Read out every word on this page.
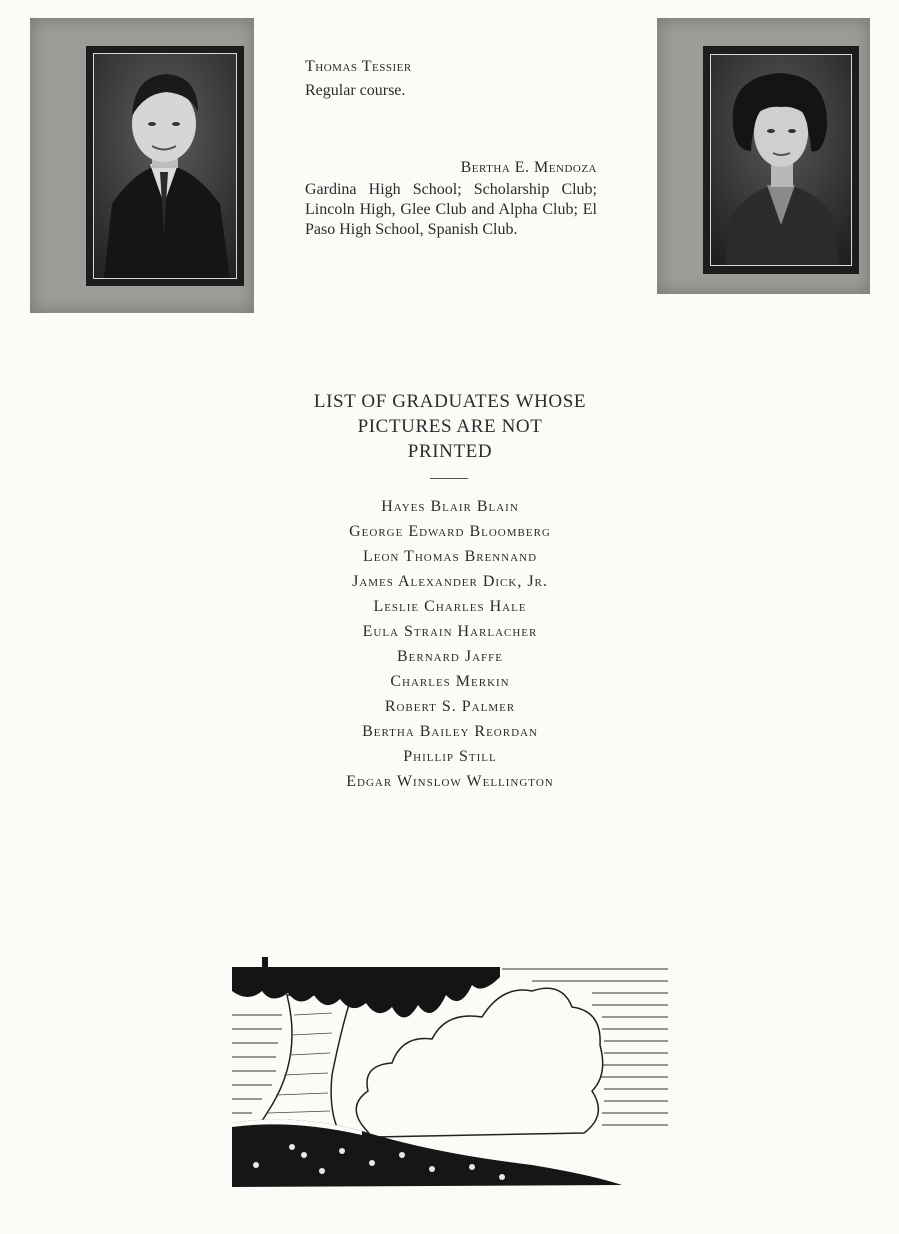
Thomas Tessier
Regular course.
Bertha E. Mendoza
Gardina High School; Scholarship Club; Lincoln High, Glee Club and Alpha Club; El Paso High School, Spanish Club.
LIST OF GRADUATES WHOSE
PICTURES ARE NOT
PRINTED
Hayes Blair Blain
George Edward Bloomberg
Leon Thomas Brennand
James Alexander Dick, Jr.
Leslie Charles Hale
Eula Strain Harlacher
Bernard Jaffe
Charles Merkin
Robert S. Palmer
Bertha Bailey Reordan
Phillip Still
Edgar Winslow Wellington
